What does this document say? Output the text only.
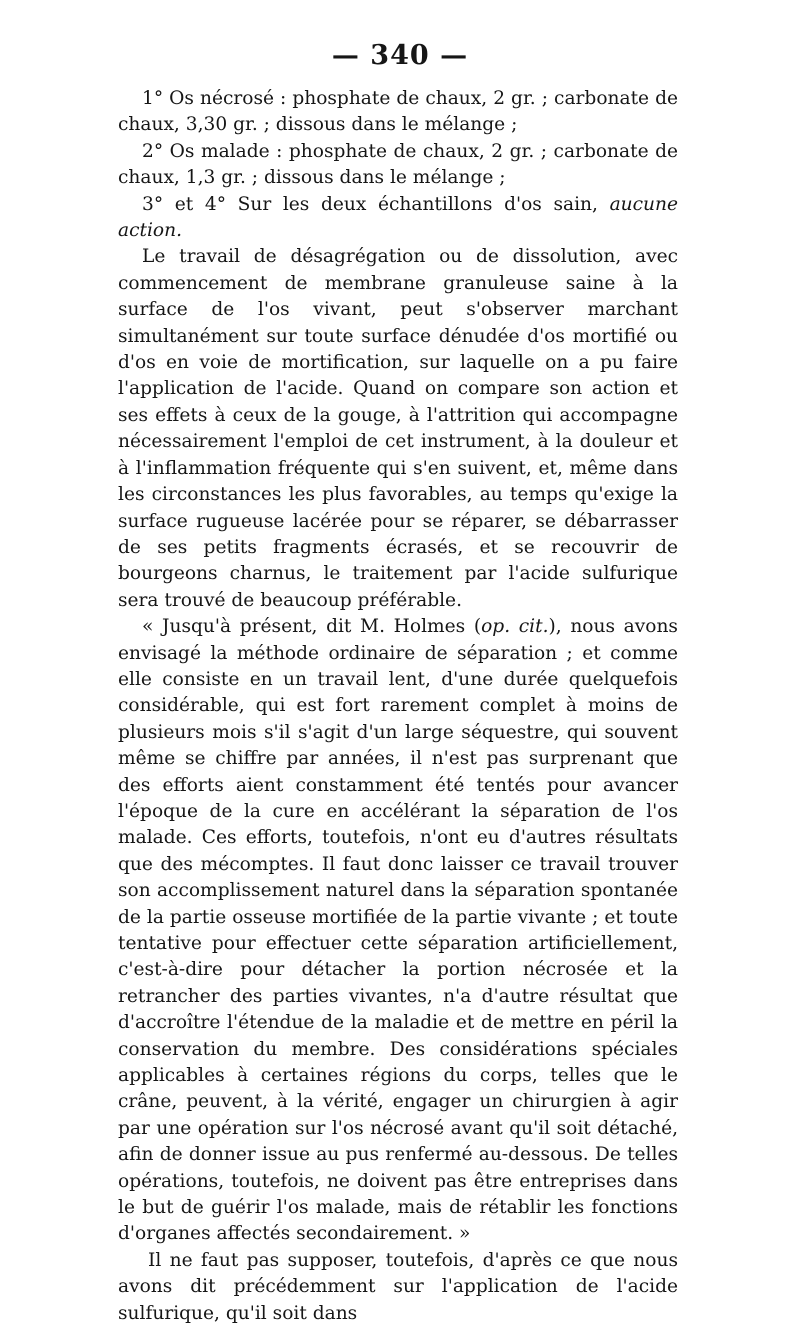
— 340 —

1° Os nécrosé : phosphate de chaux, 2 gr. ; carbonate de chaux, 3,30 gr. ; dissous dans le mélange ;

2° Os malade : phosphate de chaux, 2 gr. ; carbonate de chaux, 1,3 gr. ; dissous dans le mélange ;

3° et 4° Sur les deux échantillons d'os sain, aucune action.

Le travail de désagrégation ou de dissolution, avec commencement de membrane granuleuse saine à la surface de l'os vivant, peut s'observer marchant simultanément sur toute surface dénudée d'os mortifié ou d'os en voie de mortification, sur laquelle on a pu faire l'application de l'acide. Quand on compare son action et ses effets à ceux de la gouge, à l'attrition qui accompagne nécessairement l'emploi de cet instrument, à la douleur et à l'inflammation fréquente qui s'en suivent, et, même dans les circonstances les plus favorables, au temps qu'exige la surface rugueuse lacérée pour se réparer, se débarrasser de ses petits fragments écrasés, et se recouvrir de bourgeons charnus, le traitement par l'acide sulfurique sera trouvé de beaucoup préférable.

« Jusqu'à présent, dit M. Holmes (op. cit.), nous avons envisagé la méthode ordinaire de séparation ; et comme elle consiste en un travail lent, d'une durée quelquefois considérable, qui est fort rarement complet à moins de plusieurs mois s'il s'agit d'un large séquestre, qui souvent même se chiffre par années, il n'est pas surprenant que des efforts aient constamment été tentés pour avancer l'époque de la cure en accélérant la séparation de l'os malade. Ces efforts, toutefois, n'ont eu d'autres résultats que des mécomptes. Il faut donc laisser ce travail trouver son accomplissement naturel dans la séparation spontanée de la partie osseuse mortifiée de la partie vivante ; et toute tentative pour effectuer cette séparation artificiellement, c'est-à-dire pour détacher la portion nécrosée et la retrancher des parties vivantes, n'a d'autre résultat que d'accroître l'étendue de la maladie et de mettre en péril la conservation du membre. Des considérations spéciales applicables à certaines régions du corps, telles que le crâne, peuvent, à la vérité, engager un chirurgien à agir par une opération sur l'os nécrosé avant qu'il soit détaché, afin de donner issue au pus renfermé au-dessous. De telles opérations, toutefois, ne doivent pas être entreprises dans le but de guérir l'os malade, mais de rétablir les fonctions d'organes affectés secondairement. »

Il ne faut pas supposer, toutefois, d'après ce que nous avons dit précédemment sur l'application de l'acide sulfurique, qu'il soit dans
